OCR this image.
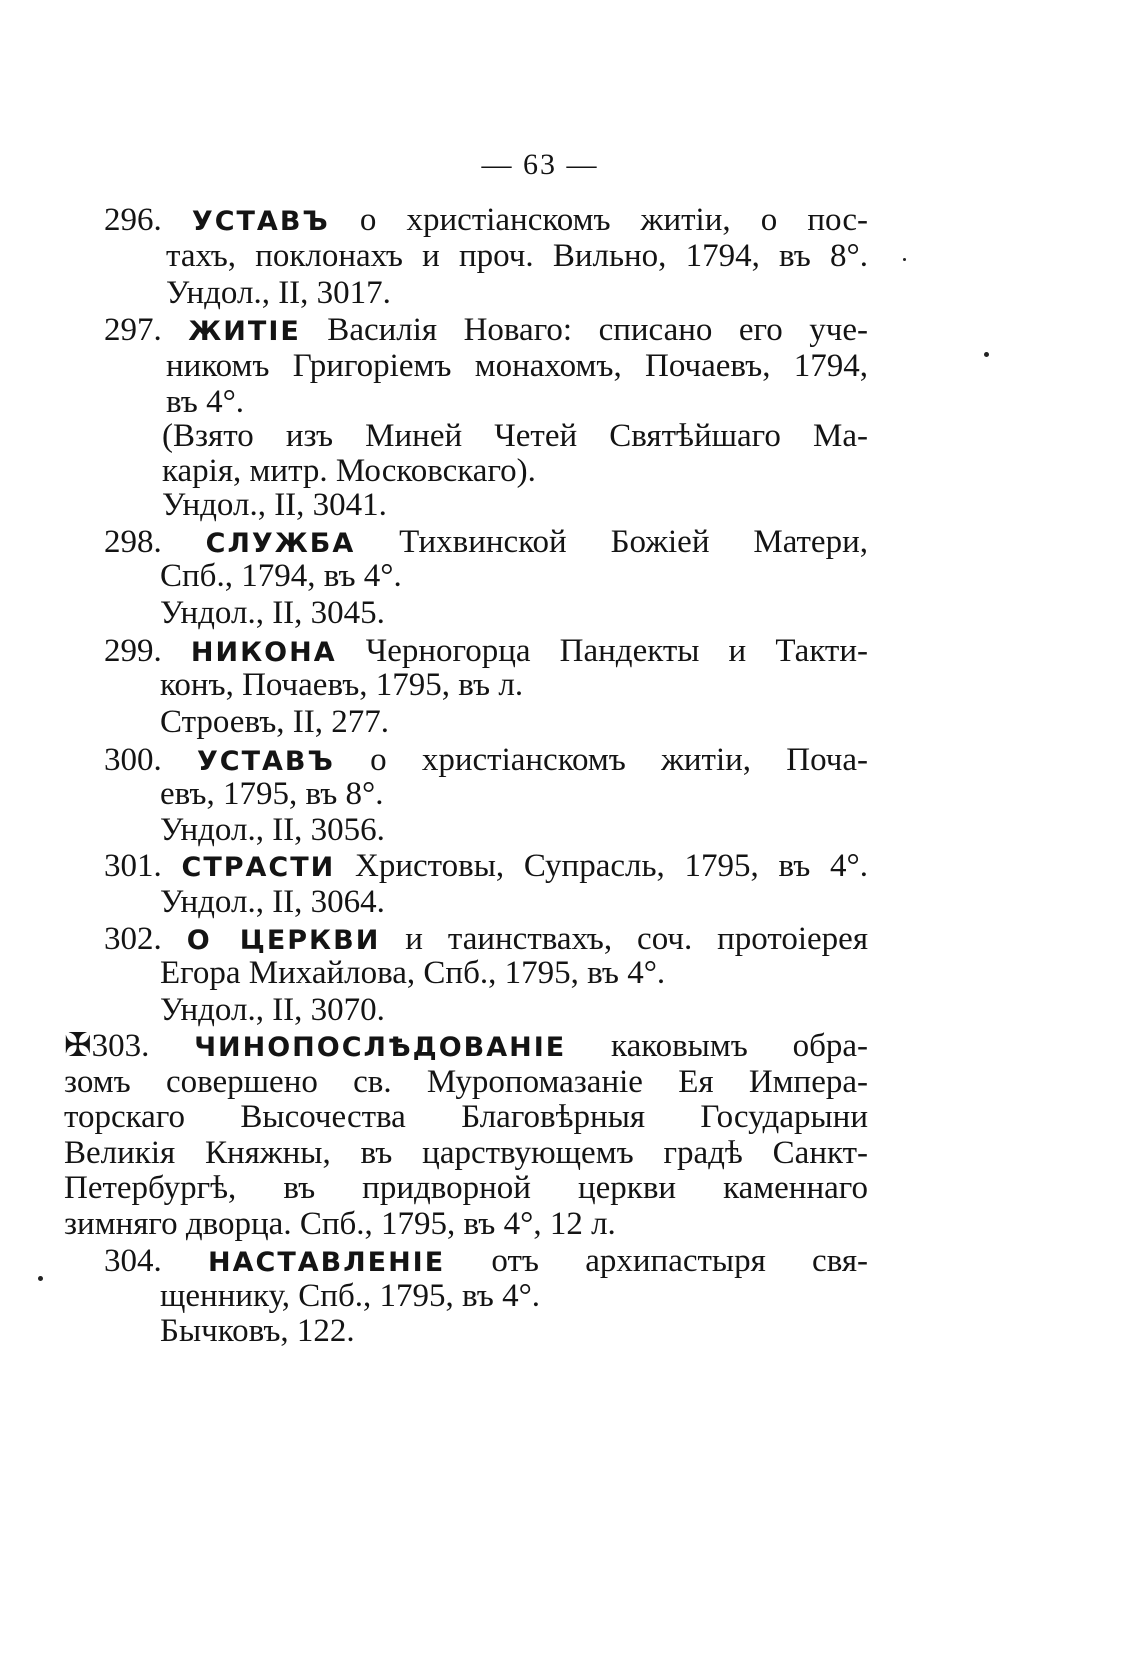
— 63 —
296. УСТАВЪ о христіанскомъ житіи, о пос-
тахъ, поклонахъ и проч. Вильно, 1794, въ 8°.
Ундол., II, 3017.
297. ЖИТІЕ Василія Новаго: списано его уче-
никомъ Григоріемъ монахомъ, Почаевъ, 1794,
въ 4°.
(Взято изъ Миней Четей Святѣйшаго Ма-
карія, митр. Московскаго).
Ундол., II, 3041.
298. СЛУЖБА Тихвинской Божіей Матери,
Спб., 1794, въ 4°.
Ундол., II, 3045.
299. НИКОНА Черногорца Пандекты и Такти-
конъ, Почаевъ, 1795, въ л.
Строевъ, II, 277.
300. УСТАВЪ о христіанскомъ житіи, Поча-
евъ, 1795, въ 8°.
Ундол., II, 3056.
301. СТРАСТИ Христовы, Супрасль, 1795, въ 4°.
Ундол., II, 3064.
302. О ЦЕРКВИ и таинствахъ, соч. протоіерея
Егора Михайлова, Спб., 1795, въ 4°.
Ундол., II, 3070.
✠303. ЧИНОПОСЛѢДОВАНІЕ каковымъ обра-
зомъ совершено св. Муропомазаніе Ея Импера-
торскаго Высочества Благовѣрныя Государыни
Великія Княжны, въ царствующемъ градѣ Санкт-
Петербургѣ, въ придворной церкви каменнаго
зимняго дворца. Спб., 1795, въ 4°, 12 л.
304. НАСТАВЛЕНІЕ отъ архипастыря свя-
щеннику, Спб., 1795, въ 4°.
Бычковъ, 122.
